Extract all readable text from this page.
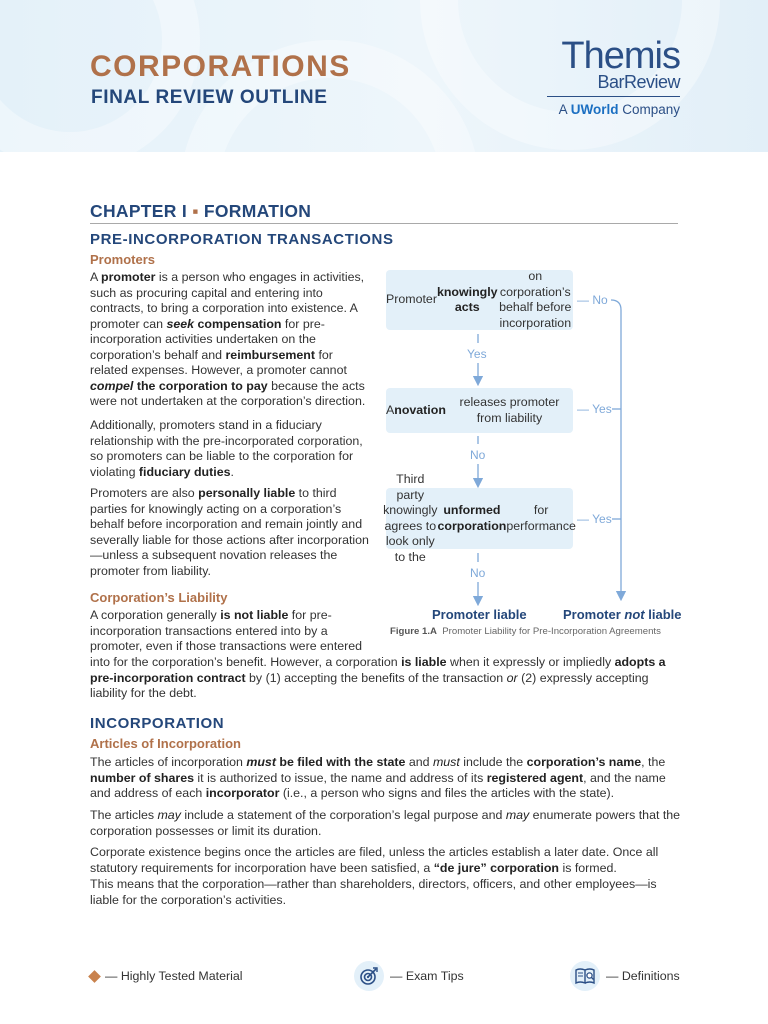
CORPORATIONS
FINAL REVIEW OUTLINE
Themis
BarReview
A UWorld Company
CHAPTER I ▪ FORMATION
PRE-INCORPORATION TRANSACTIONS
Promoters
A promoter is a person who engages in activities, such as procuring capital and entering into contracts, to bring a corporation into existence. A promoter can seek compensation for pre-incorporation activities undertaken on the corporation’s behalf and reimbursement for related expenses. However, a promoter cannot compel the corporation to pay because the acts were not undertaken at the corporation’s direction.
Additionally, promoters stand in a fiduciary relationship with the pre-incorporated corporation, so promoters can be liable to the corporation for violating fiduciary duties.
Promoters are also personally liable to third parties for knowingly acting on a corporation’s behalf before incorporation and remain jointly and severally liable for those actions after incorporation—unless a subsequent novation releases the promoter from liability.
Corporation’s Liability
A corporation generally is not liable for pre-incorporation transactions entered into by a promoter, even if those transactions were entered
into for the corporation’s benefit. However, a corporation is liable when it expressly or impliedly adopts a pre-incorporation contract by (1) accepting the benefits of the transaction or (2) expressly accepting liability for the debt.
Promoter
knowingly acts
on corporation’s behalf before incorporation
Yes
— No
A novation
releases promoter from liability
No
— Yes
Third party knowingly agrees to look only to the
unformed corporation
for performance
No
— Yes
Promoter liable	Promoter not liable
Figure 1.A Promoter Liability for Pre-Incorporation Agreements
INCORPORATION
Articles of Incorporation
The articles of incorporation must be filed with the state and must include the corporation’s name, the number of shares it is authorized to issue, the name and address of its registered agent, and the name and address of each incorporator (i.e., a person who signs and files the articles with the state).
The articles may include a statement of the corporation’s legal purpose and may enumerate powers that the corporation possesses or limit its duration.
Corporate existence begins once the articles are filed, unless the articles establish a later date. Once all statutory requirements for incorporation have been satisfied, a “de jure” corporation is formed.
This means that the corporation—rather than shareholders, directors, officers, and other employees—is liable for the corporation’s activities.
— Highly Tested Material	— Exam Tips	— Definitions
